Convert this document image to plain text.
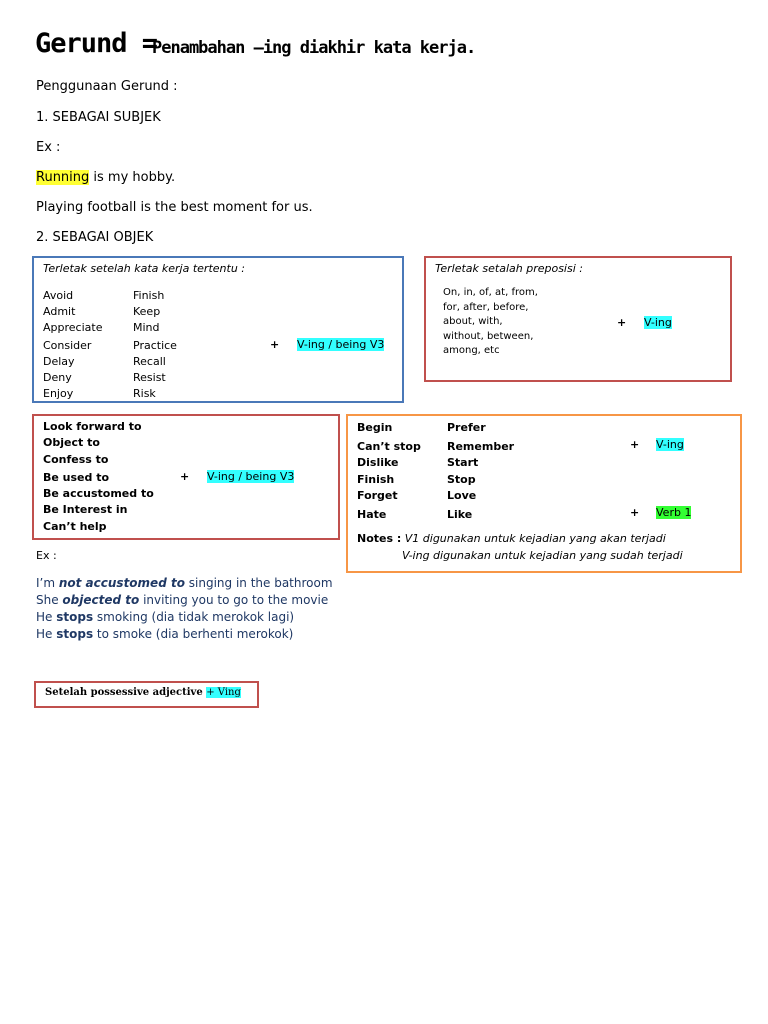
Gerund =
Penambahan –ing diakhir kata kerja.
Penggunaan Gerund :
1. SEBAGAI SUBJEK
Ex :
Running is my hobby.
Playing football is the best moment for us.
2. SEBAGAI OBJEK
Terletak setelah kata kerja tertentu :
Avoid
Admit
Appreciate
Consider
Delay
Deny
Enjoy
Finish
Keep
Mind
Practice
Recall
Resist
Risk
+ V-ing / being V3
Terletak setalah preposisi :
On, in, of, at, from,
for, after, before,
about, with,
without, between,
among, etc
+ V-ing
Look forward to
Object to
Confess to
Be used to
Be accustomed to
Be Interest in
Can’t help
+ V-ing / being V3
Begin
Can’t stop
Dislike
Finish
Forget
Hate
Prefer
Remember
Start
Stop
Love
Like
+ V-ing
+ Verb 1
Notes : V1 digunakan untuk kejadian yang akan terjadi
V-ing digunakan untuk kejadian yang sudah terjadi
Ex :
I’m not accustomed to singing in the bathroom
She objected to inviting you to go to the movie
He stops smoking (dia tidak merokok lagi)
He stops to smoke (dia berhenti merokok)
Setelah possessive adjective + Ving
